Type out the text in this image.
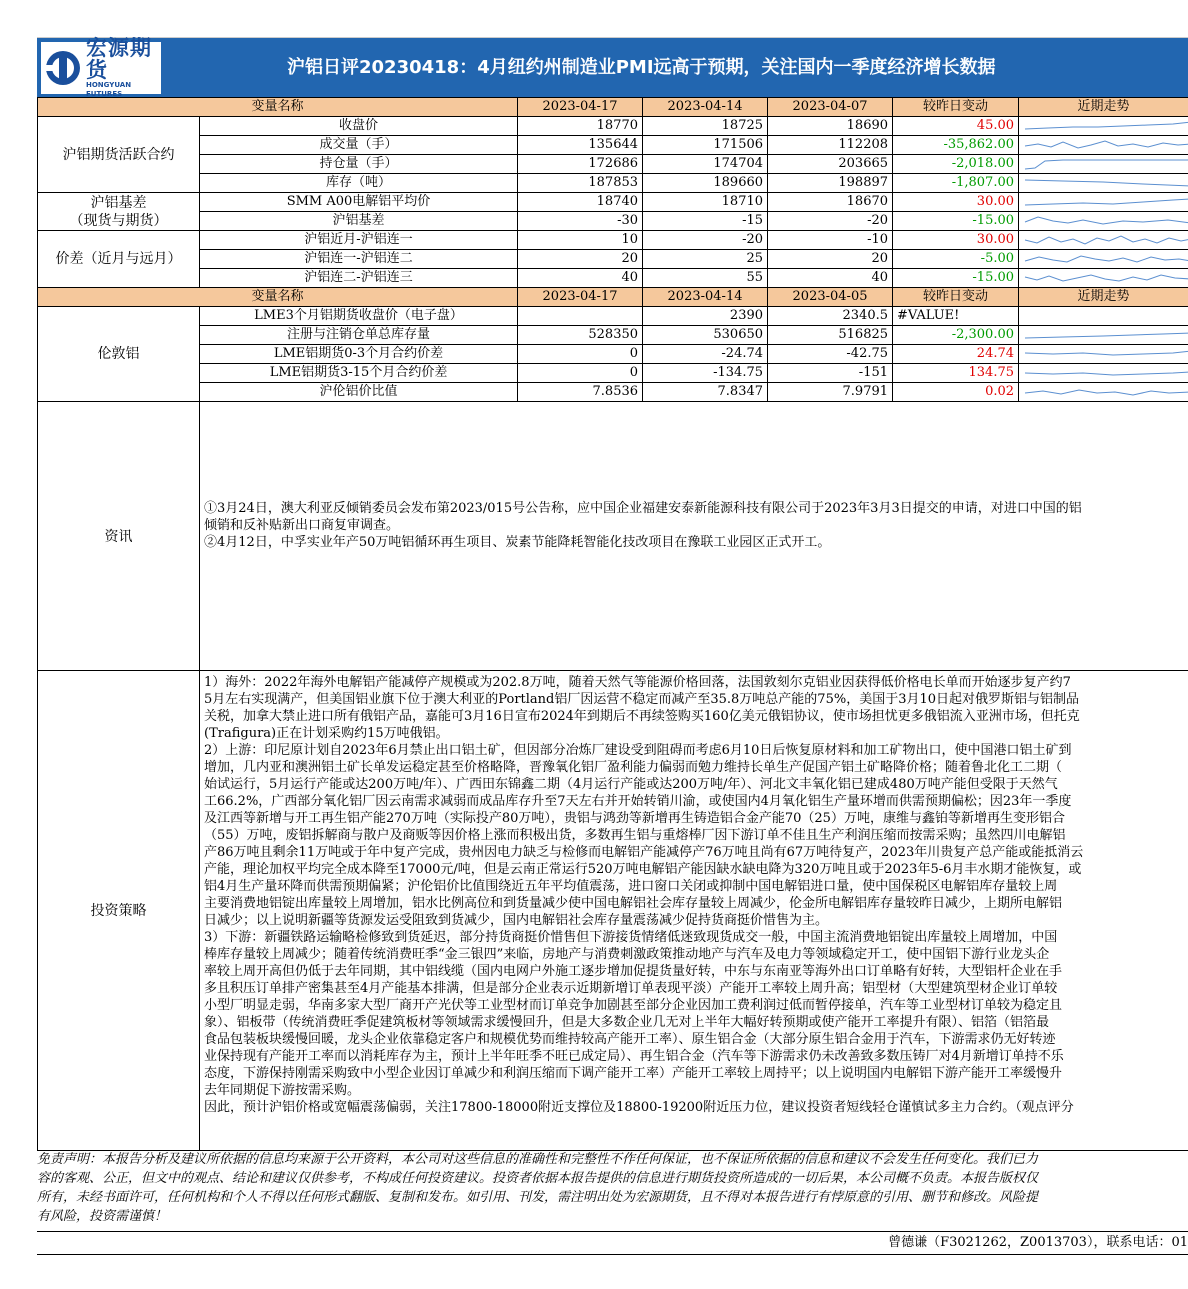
宏源期货
HONGYUAN FUTURES
沪铝日评20230418：4月纽约州制造业PMI远高于预期，关注国内一季度经济增长数据
变量名称		2023-04-17	2023-04-14	2023-04-07	较昨日变动	近期走势
沪铝期货活跃合约	收盘价	18770	18725	18690	45.00	

	成交量（手）	135644	171506	112208	-35,862.00	

	持仓量（手）	172686	174704	203665	-2,018.00	

	库存（吨）	187853	189660	198897	-1,807.00	

沪铝基差
（现货与期货）	SMM A00电解铝平均价	18740	18710	18670	30.00	

	沪铝基差	-30	-15	-20	-15.00	

价差（近月与远月）	沪铝近月-沪铝连一	10	-20	-10	30.00	

	沪铝连一-沪铝连二	20	25	20	-5.00	

	沪铝连二-沪铝连三	40	55	40	-15.00	

变量名称		2023-04-17	2023-04-14	2023-04-05	较昨日变动	近期走势
伦敦铝	LME3个月铝期货收盘价（电子盘）		2390	2340.5	#VALUE!	
	注册与注销仓单总库存量	528350	530650	516825	-2,300.00	

	LME铝期货0-3个月合约价差	0	-24.74	-42.75	24.74	

	LME铝期货3-15个月合约价差	0	-134.75	-151	134.75	

	沪伦铝价比值	7.8536	7.8347	7.9791	0.02	
资讯

①3月24日，澳大利亚反倾销委员会发布第2023/015号公告称，应中国企业福建安泰新能源科技有限公司于2023年3月3日提交的申请，对进口中国的铝

倾销和反补贴新出口商复审调查。

②4月12日，中孚实业年产50万吨铝循环再生项目、炭素节能降耗智能化技改项目在豫联工业园区正式开工。

投资策略

1）海外：2022年海外电解铝产能减停产规模或为202.8万吨，随着天然气等能源价格回落，法国敦刻尔克铝业因获得低价格电长单而开始逐步复产约7

5月左右实现满产，但美国铝业旗下位于澳大利亚的Portland铝厂因运营不稳定而减产至35.8万吨总产能的75%，美国于3月10日起对俄罗斯铝与铝制品

关税，加拿大禁止进口所有俄铝产品，嘉能可3月16日宣布2024年到期后不再续签购买160亿美元俄铝协议，使市场担忧更多俄铝流入亚洲市场，但托克

(Trafigura)正在计划采购约15万吨俄铝。

2）上游：印尼原计划自2023年6月禁止出口铝土矿，但因部分冶炼厂建设受到阻碍而考虑6月10日后恢复原材料和加工矿物出口，使中国港口铝土矿到

增加，几内亚和澳洲铝土矿长单发运稳定甚至价格略降，晋豫氧化铝厂盈利能力偏弱而勉力维持长单生产促国产铝土矿略降价格；随着鲁北化工二期（

始试运行，5月运行产能或达200万吨/年）、广西田东锦鑫二期（4月运行产能或达200万吨/年）、河北文丰氧化铝已建成480万吨产能但受限于天然气

工66.2%，广西部分氧化铝厂因云南需求减弱而成品库存升至7天左右并开始转销川渝，或使国内4月氧化铝生产量环增而供需预期偏松；因23年一季度

及江西等新增与开工再生铝产能270万吨（实际投产80万吨），贵铝与鸿劲等新增再生铸造铝合金产能70（25）万吨，康维与鑫铂等新增再生变形铝合

（55）万吨，废铝拆解商与散户及商贩等因价格上涨而积极出货，多数再生铝与重熔棒厂因下游订单不佳且生产利润压缩而按需采购；虽然四川电解铝

产86万吨且剩余11万吨或于年中复产完成，贵州因电力缺乏与检修而电解铝产能减停产76万吨且尚有67万吨待复产，2023年川贵复产总产能或能抵消云

产能，理论加权平均完全成本降至17000元/吨，但是云南正常运行520万吨电解铝产能因缺水缺电降为320万吨且或于2023年5-6月丰水期才能恢复，或

铝4月生产量环降而供需预期偏紧；沪伦铝价比值围绕近五年平均值震荡，进口窗口关闭或抑制中国电解铝进口量，使中国保税区电解铝库存量较上周

主要消费地铝锭出库量较上周增加，铝水比例高位和到货量减少使中国电解铝社会库存量较上周减少，伦金所电解铝库存量较昨日减少，上期所电解铝

日减少；以上说明新疆等货源发运受阻致到货减少，国内电解铝社会库存量震荡减少促持货商挺价惜售为主。

3）下游：新疆铁路运输略检修致到货延迟，部分持货商挺价惜售但下游接货情绪低迷致现货成交一般，中国主流消费地铝锭出库量较上周增加，中国

棒库存量较上周减少；随着传统消费旺季“金三银四”来临，房地产与消费刺激政策推动地产与汽车及电力等领域稳定开工，使中国铝下游行业龙头企

率较上周开高但仍低于去年同期，其中铝线缆（国内电网户外施工逐步增加促提货量好转，中东与东南亚等海外出口订单略有好转，大型铝杆企业在手

多且积压订单排产密集甚至4月产能基本排满，但是部分企业表示近期新增订单表现平淡）产能开工率较上周升高；铝型材（大型建筑型材企业订单较

小型厂明显走弱，华南多家大型厂商开产光伏等工业型材而订单竞争加剧甚至部分企业因加工费利润过低而暂停接单，汽车等工业型材订单较为稳定且

象）、铝板带（传统消费旺季促建筑板材等领域需求缓慢回升，但是大多数企业几无对上半年大幅好转预期或使产能开工率提升有限）、铝箔（铝箔最

食品包装板块缓慢回暖，龙头企业依靠稳定客户和规模优势而维持较高产能开工率）、原生铝合金（大部分原生铝合金用于汽车，下游需求仍无好转迹

业保持现有产能开工率而以消耗库存为主，预计上半年旺季不旺已成定局）、再生铝合金（汽车等下游需求仍未改善致多数压铸厂对4月新增订单持不乐

态度，下游保持刚需采购致中小型企业因订单减少和利润压缩而下调产能开工率）产能开工率较上周持平；以上说明国内电解铝下游产能开工率缓慢升

去年同期促下游按需采购。

因此，预计沪铝价格或宽幅震荡偏弱，关注17800-18000附近支撑位及18800-19200附近压力位，建议投资者短线轻仓谨慎试多主力合约。（观点评分

免责声明：本报告分析及建议所依据的信息均来源于公开资料，本公司对这些信息的准确性和完整性不作任何保证，也不保证所依据的信息和建议不会发生任何变化。我们已力

容的客观、公正，但文中的观点、结论和建议仅供参考，不构成任何投资建议。投资者依据本报告提供的信息进行期货投资所造成的一切后果，本公司概不负责。本报告版权仅

所有，未经书面许可，任何机构和个人不得以任何形式翻版、复制和发布。如引用、刊发，需注明出处为宏源期货，且不得对本报告进行有悖原意的引用、删节和修改。风险提

有风险，投资需谨慎！

曾德谦（F3021262，Z0013703），联系电话：01
